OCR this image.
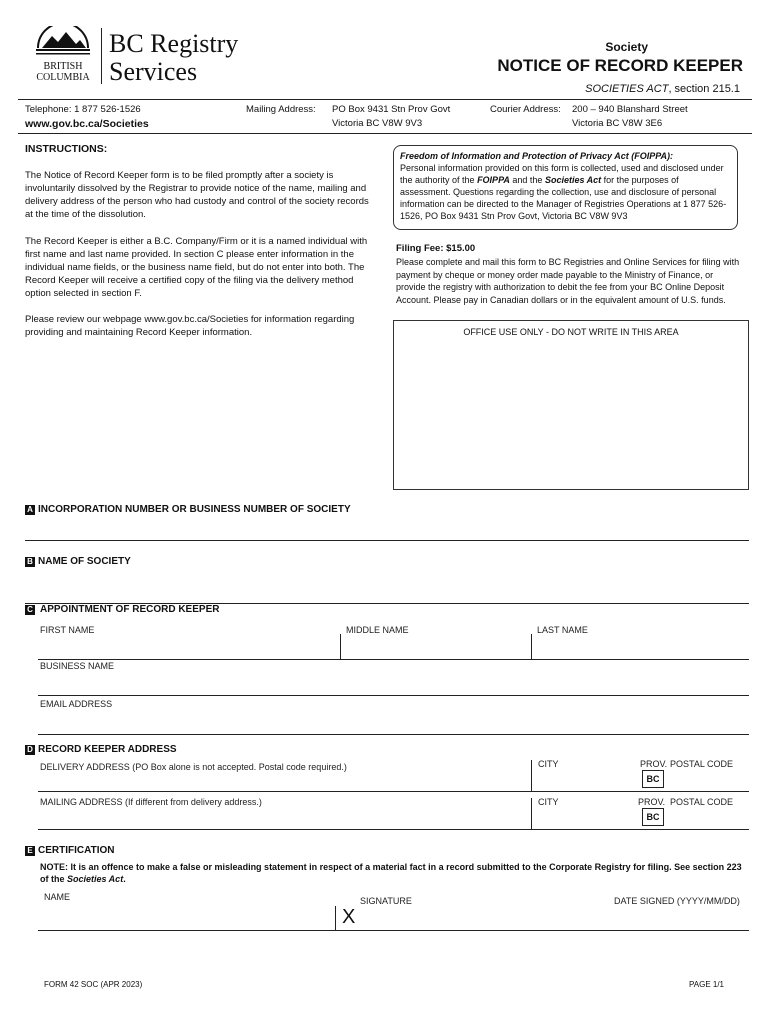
BRITISH
COLUMBIA
BC Registry
Services
Society
NOTICE OF RECORD KEEPER
SOCIETIES ACT, section 215.1
Telephone: 1 877 526-1526
www.gov.bc.ca/Societies
Mailing Address: PO Box 9431 Stn Prov Govt
Victoria BC V8W 9V3
Courier Address: 200 – 940 Blanshard Street
Victoria BC V8W 3E6
INSTRUCTIONS:
The Notice of Record Keeper form is to be filed promptly after a society is involuntarily dissolved by the Registrar to provide notice of the name, mailing and delivery address of the person who had custody and control of the society records at the time of the dissolution.
The Record Keeper is either a B.C. Company/Firm or it is a named individual with first name and last name provided. In section C please enter information in the individual name fields, or the business name field, but do not enter into both. The Record Keeper will receive a certified copy of the filing via the delivery method option selected in section F.
Please review our webpage www.gov.bc.ca/Societies for information regarding providing and maintaining Record Keeper information.
Freedom of Information and Protection of Privacy Act (FOIPPA):
Personal information provided on this form is collected, used and disclosed under the authority of the FOIPPA and the Societies Act for the purposes of assessment. Questions regarding the collection, use and disclosure of personal information can be directed to the Manager of Registries Operations at 1 877 526-1526, PO Box 9431 Stn Prov Govt, Victoria BC V8W 9V3
Filing Fee: $15.00
Please complete and mail this form to BC Registries and Online Services for filing with payment by cheque or money order made payable to the Ministry of Finance, or provide the registry with authorization to debit the fee from your BC Online Deposit Account. Please pay in Canadian dollars or in the equivalent amount of U.S. funds.
OFFICE USE ONLY - DO NOT WRITE IN THIS AREA
A INCORPORATION NUMBER OR BUSINESS NUMBER OF SOCIETY
B NAME OF SOCIETY
C APPOINTMENT OF RECORD KEEPER
FIRST NAME	MIDDLE NAME	LAST NAME
BUSINESS NAME
EMAIL ADDRESS
D RECORD KEEPER ADDRESS
DELIVERY ADDRESS (PO Box alone is not accepted. Postal code required.)	CITY	PROV. POSTAL CODE
BC
MAILING ADDRESS (If different from delivery address.)	CITY	PROV. POSTAL CODE
BC
E CERTIFICATION
NOTE: It is an offence to make a false or misleading statement in respect of a material fact in a record submitted to the Corporate Registry for filing. See section 223 of the Societies Act.
NAME	SIGNATURE	DATE SIGNED (YYYY/MM/DD)
X
FORM 42 SOC (APR 2023)	PAGE 1/1
